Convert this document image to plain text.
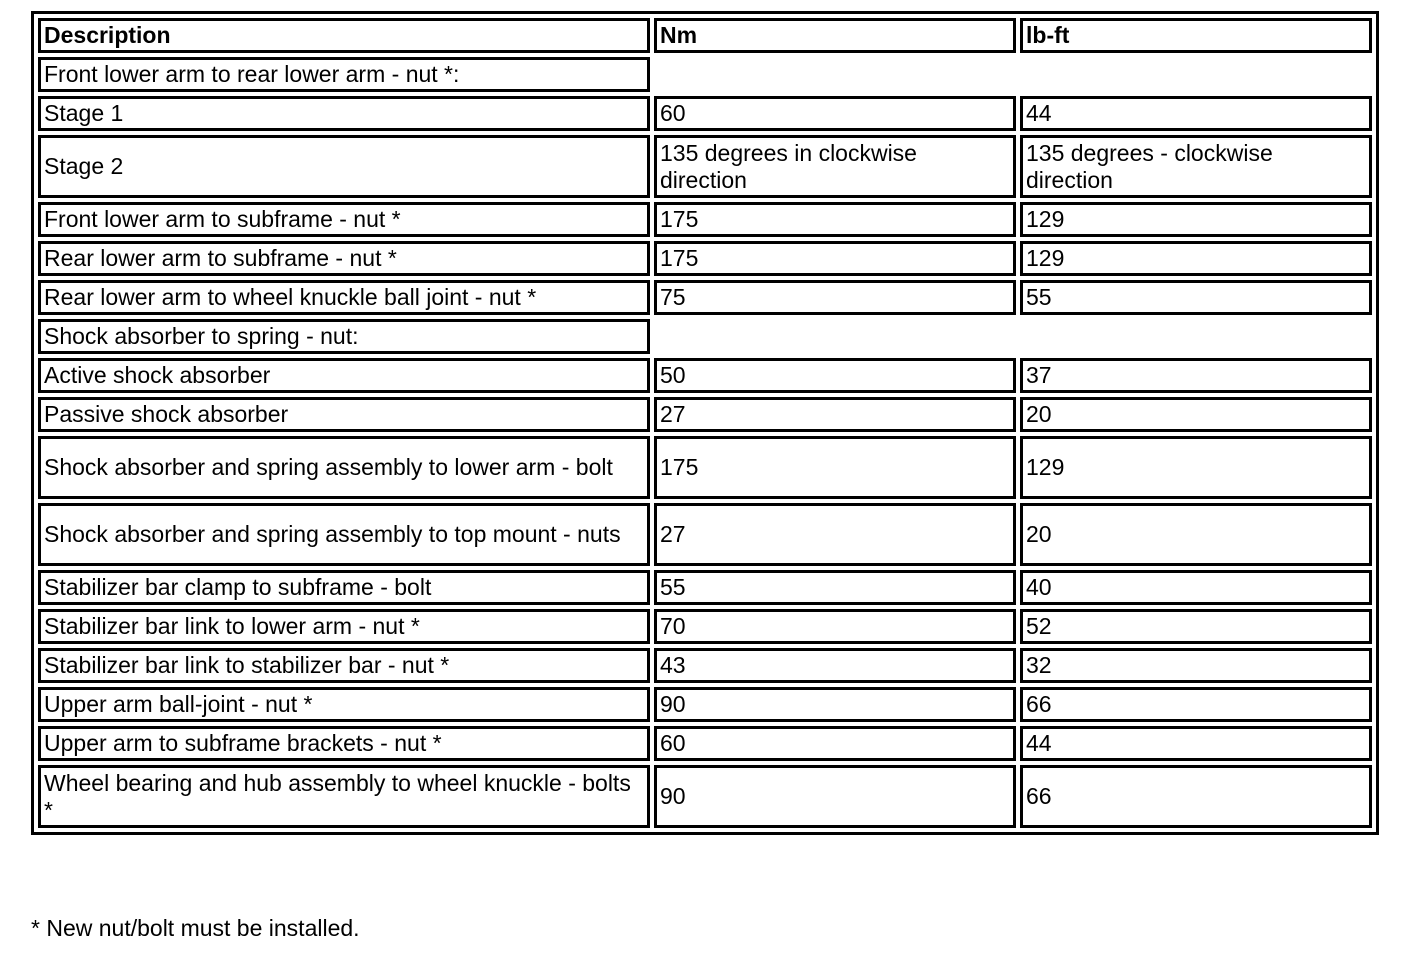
Description	Nm	lb-ft
Front lower arm to rear lower arm - nut *:		
Stage 1	60	44
Stage 2	135 degrees in clockwise direction	135 degrees - clockwise direction
Front lower arm to subframe - nut *	175	129
Rear lower arm to subframe - nut *	175	129
Rear lower arm to wheel knuckle ball joint - nut *	75	55
Shock absorber to spring - nut:		
Active shock absorber	50	37
Passive shock absorber	27	20
Shock absorber and spring assembly to lower arm - bolt	175	129
Shock absorber and spring assembly to top mount - nuts	27	20
Stabilizer bar clamp to subframe - bolt	55	40
Stabilizer bar link to lower arm - nut *	70	52
Stabilizer bar link to stabilizer bar - nut *	43	32
Upper arm ball-joint - nut *	90	66
Upper arm to subframe brackets - nut *	60	44
Wheel bearing and hub assembly to wheel knuckle - bolts *	90	66
* New nut/bolt must be installed.
